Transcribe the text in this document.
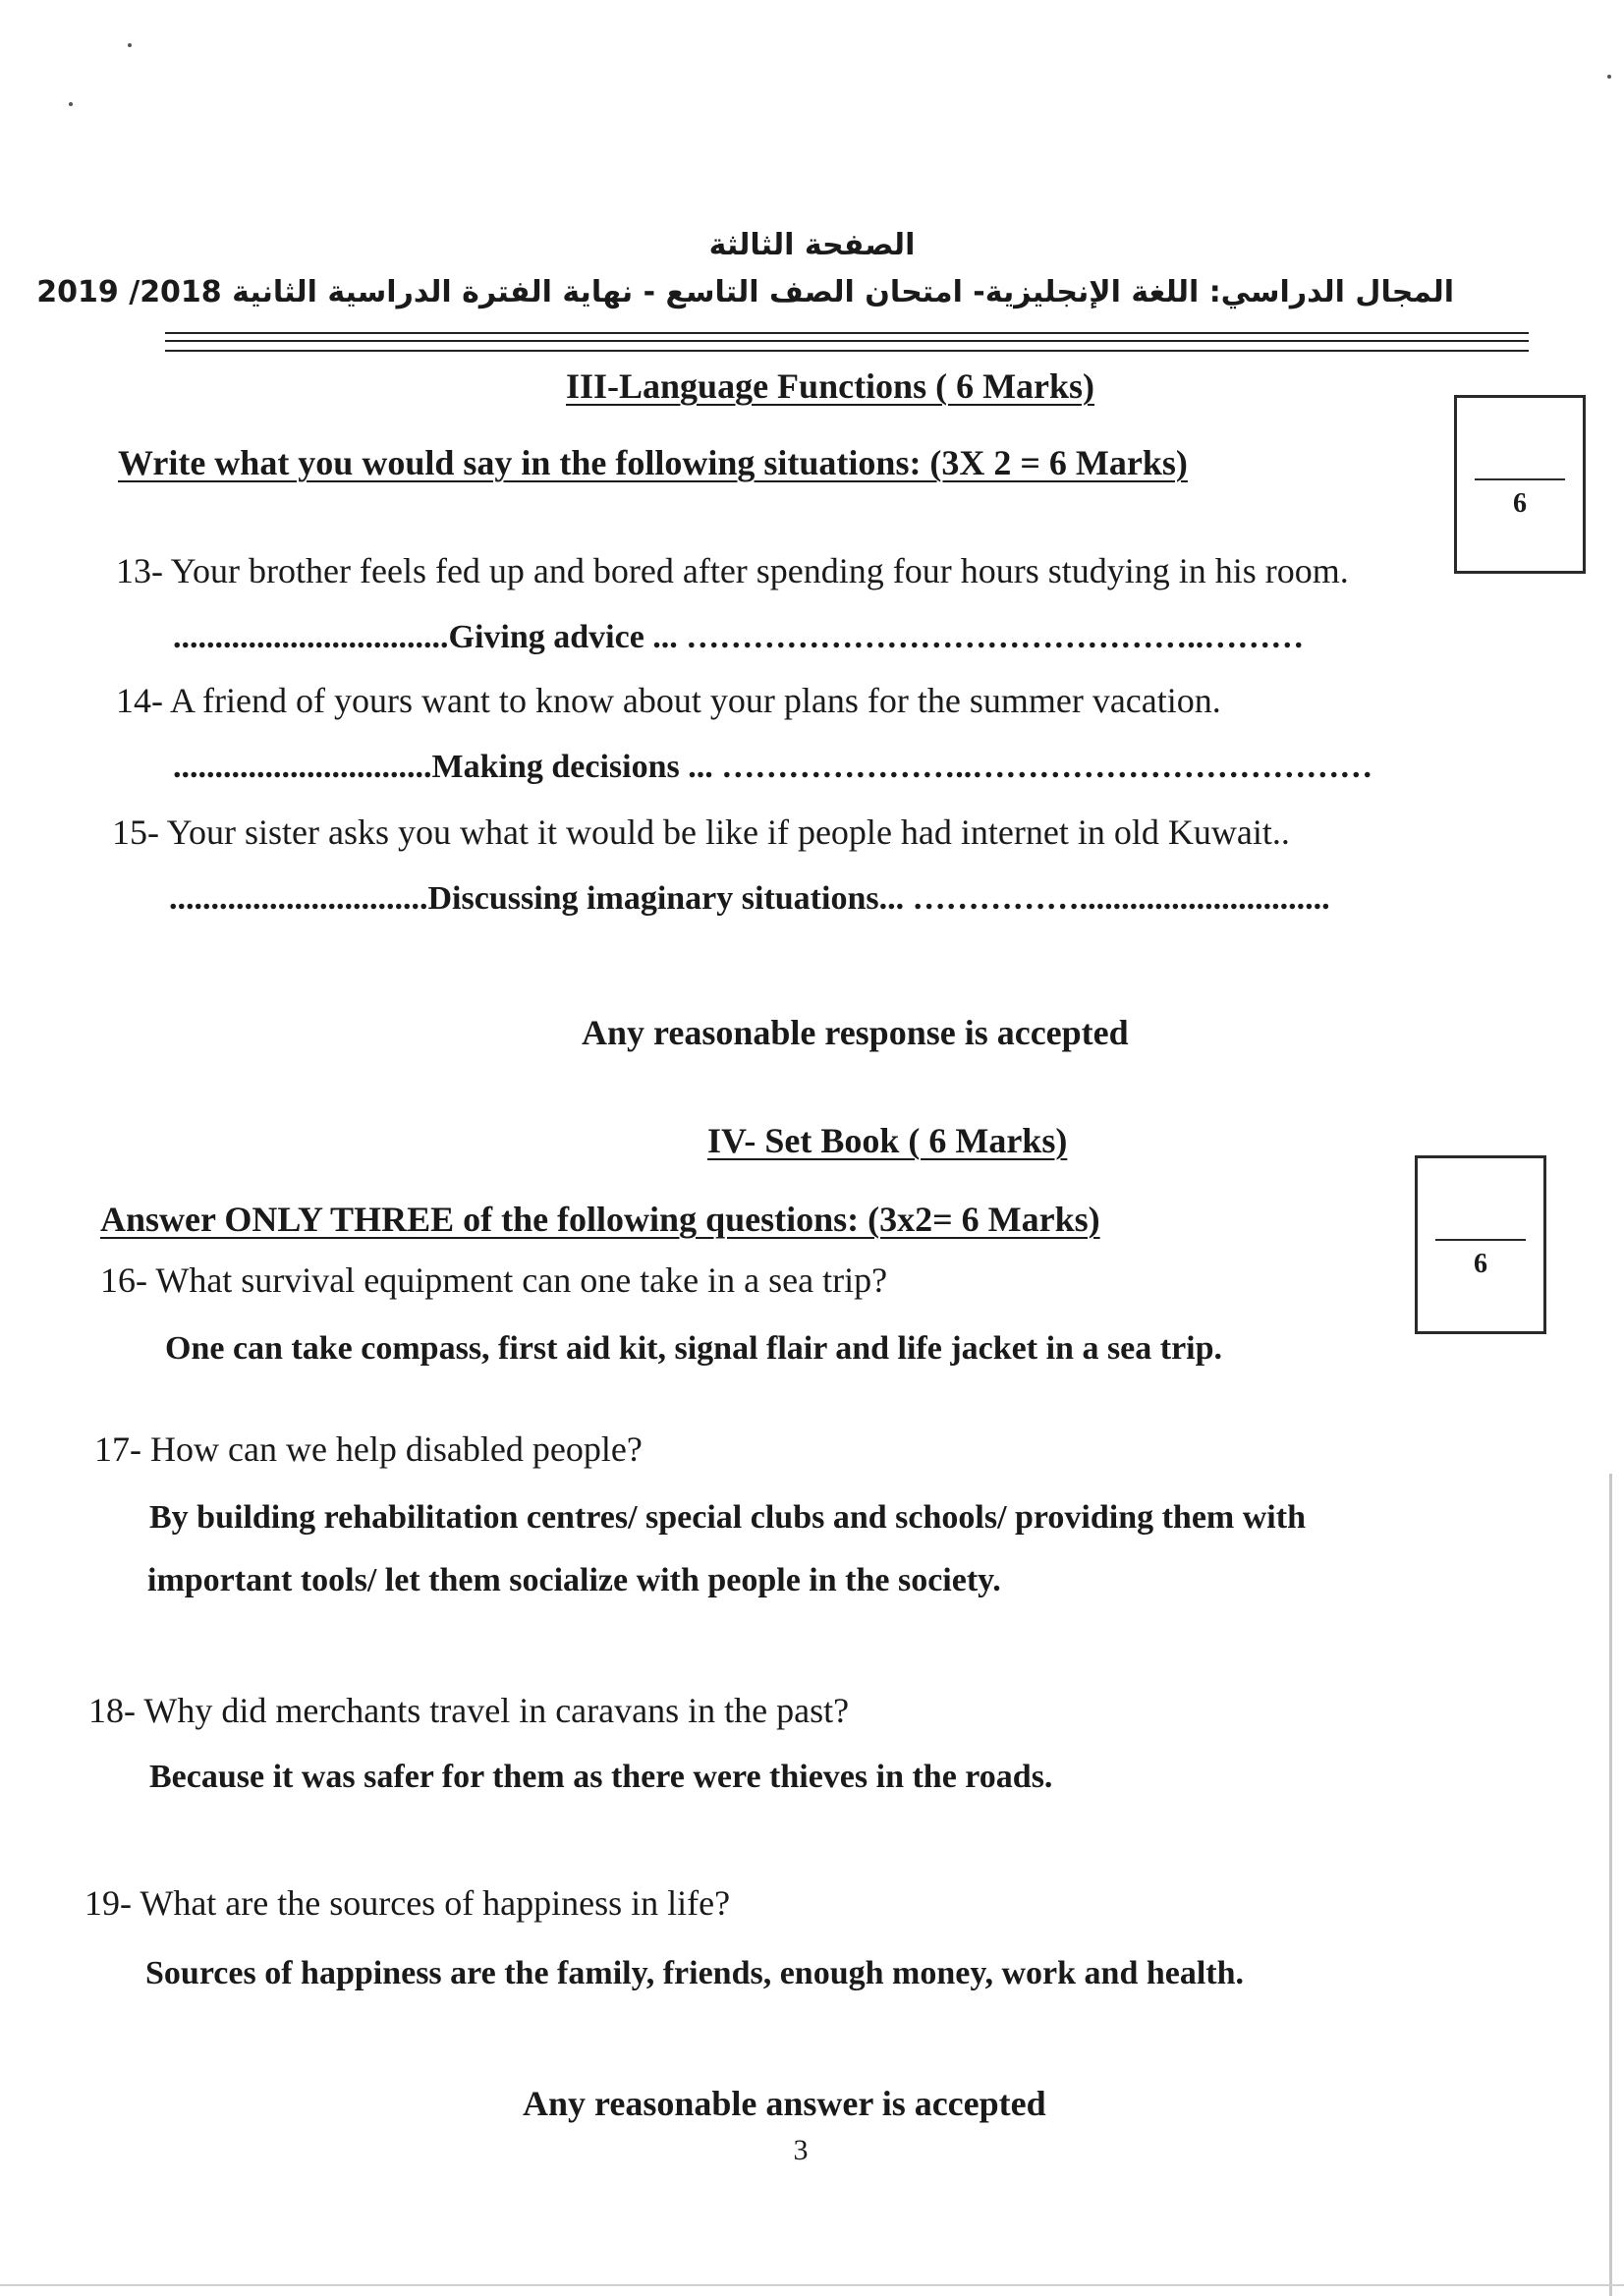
الصفحة الثالثة
المجال الدراسي: اللغة الإنجليزية- امتحان الصف التاسع - نهاية الفترة الدراسية الثانية 2018/ 2019
III-Language Functions ( 6 Marks)
Write what you would say in the following situations: (3X 2 = 6 Marks)
6
13- Your brother feels fed up and bored after spending four hours studying in his room.
.................................Giving advice ... ………………………………………..………
14- A friend of yours want to know about your plans for the summer vacation.
...............................Making decisions ... …………………..………………………………
15- Your sister asks you what it would be like if people had internet in old Kuwait..
...............................Discussing imaginary situations... ……………..............................
Any reasonable response is accepted
IV- Set Book ( 6 Marks)
Answer ONLY THREE of the following questions: (3x2= 6 Marks)
6
16- What survival equipment can one take in a sea trip?
One can take compass, first aid kit, signal flair and life jacket in a sea trip.
17- How can we help disabled people?
By building rehabilitation centres/ special clubs and schools/ providing them with
important tools/ let them socialize with people in the society.
18- Why did merchants travel in caravans in the past?
Because it was safer for them as there were thieves in the roads.
19- What are the sources of happiness in life?
Sources of happiness are the family, friends, enough money, work and health.
Any reasonable answer is accepted
3
